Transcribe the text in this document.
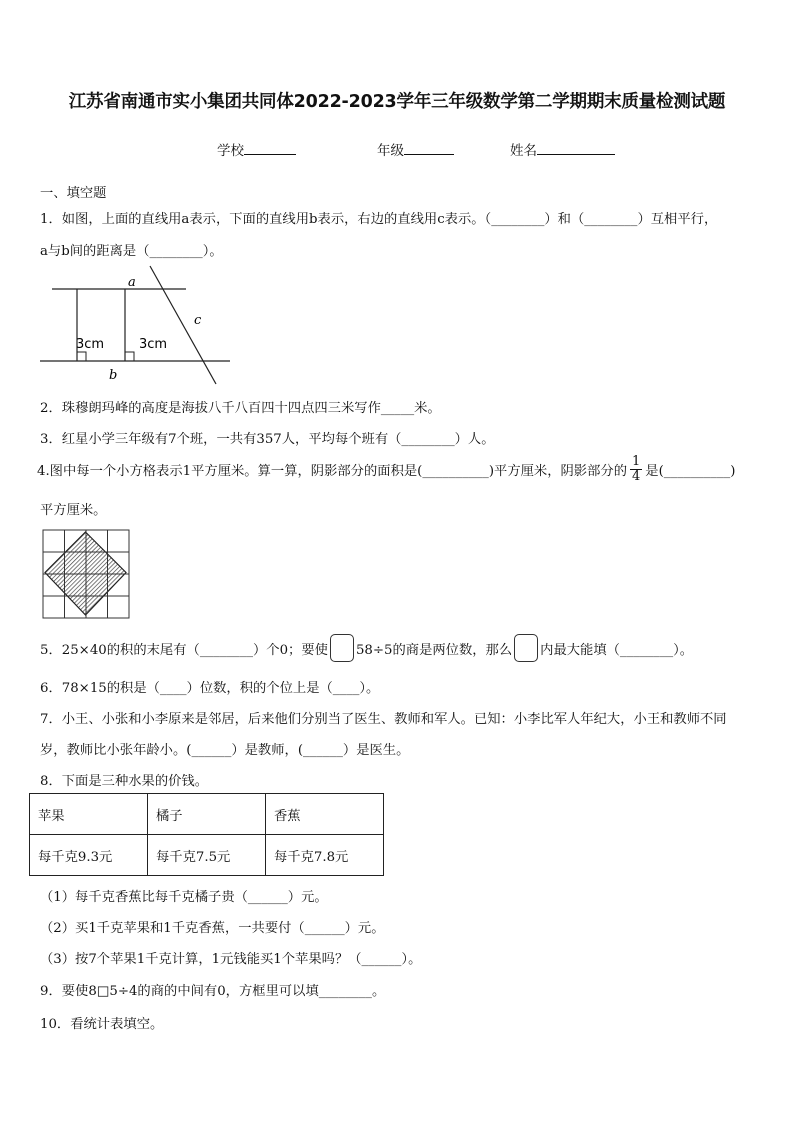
江苏省南通市实小集团共同体2022-2023学年三年级数学第二学期期末质量检测试题
学校	年级	姓名
一、填空题
1．如图，上面的直线用a表示，下面的直线用b表示，右边的直线用c表示。（________）和（________）互相平行，
a与b间的距离是（________）。
a
b
c
3cm	3cm
2．珠穆朗玛峰的高度是海拔八千八百四十四点四三米写作_____米。
3．红星小学三年级有7个班，一共有357人，平均每个班有（________）人。
4.图中每一个小方格表示1平方厘米。算一算，阴影部分的面积是(__________)平方厘米，阴影部分的 $\frac{1}{4}$ 是(__________)
平方厘米。
5．25×40的积的末尾有（________）个0；要使 58÷5的商是两位数，那么 内最大能填（________）。
6．78×15的积是（____）位数，积的个位上是（____）。
7．小王、小张和小李原来是邻居，后来他们分别当了医生、教师和军人。已知：小李比军人年纪大，小王和教师不同
岁，教师比小张年龄小。(______）是教师，(______）是医生。
8．下面是三种水果的价钱。
苹果	橘子	香蕉
每千克9.3元	每千克7.5元	每千克7.8元
（1）每千克香蕉比每千克橘子贵（______）元。
（2）买1千克苹果和1千克香蕉，一共要付（______）元。
（3）按7个苹果1千克计算，1元钱能买1个苹果吗？（______）。
9．要使8□5÷4的商的中间有0，方框里可以填________。
10．看统计表填空。
